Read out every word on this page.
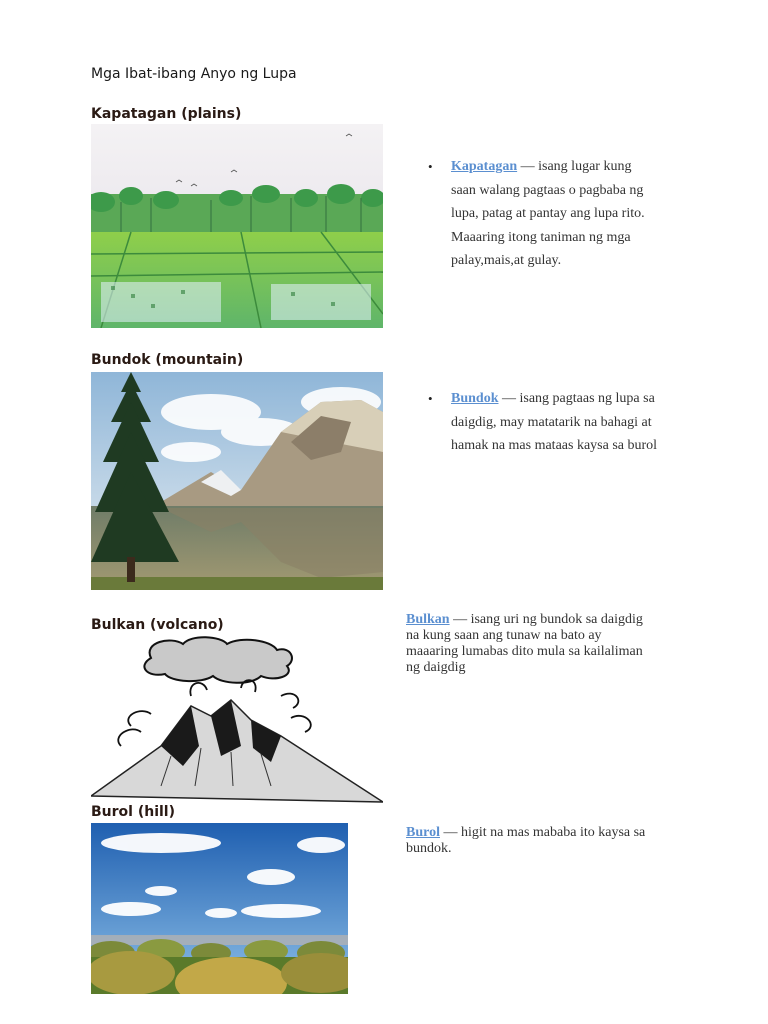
Mga Ibat-ibang Anyo ng Lupa
Kapatagan (plains)
• Kapatagan — isang lugar kung
saan walang pagtaas o pagbaba ng
lupa, patag at pantay ang lupa rito.
Maaaring itong taniman ng mga
palay,mais,at gulay.
Bundok (mountain)
• Bundok — isang pagtaas ng lupa sa
daigdig, may matatarik na bahagi at
hamak na mas mataas kaysa sa burol
Bulkan (volcano)	Bulkan — isang uri ng bundok sa daigdig
na kung saan ang tunaw na bato ay
maaaring lumabas dito mula sa kailaliman
ng daigdig
Burol (hill)
Burol — higit na mas mababa ito kaysa sa
bundok.
